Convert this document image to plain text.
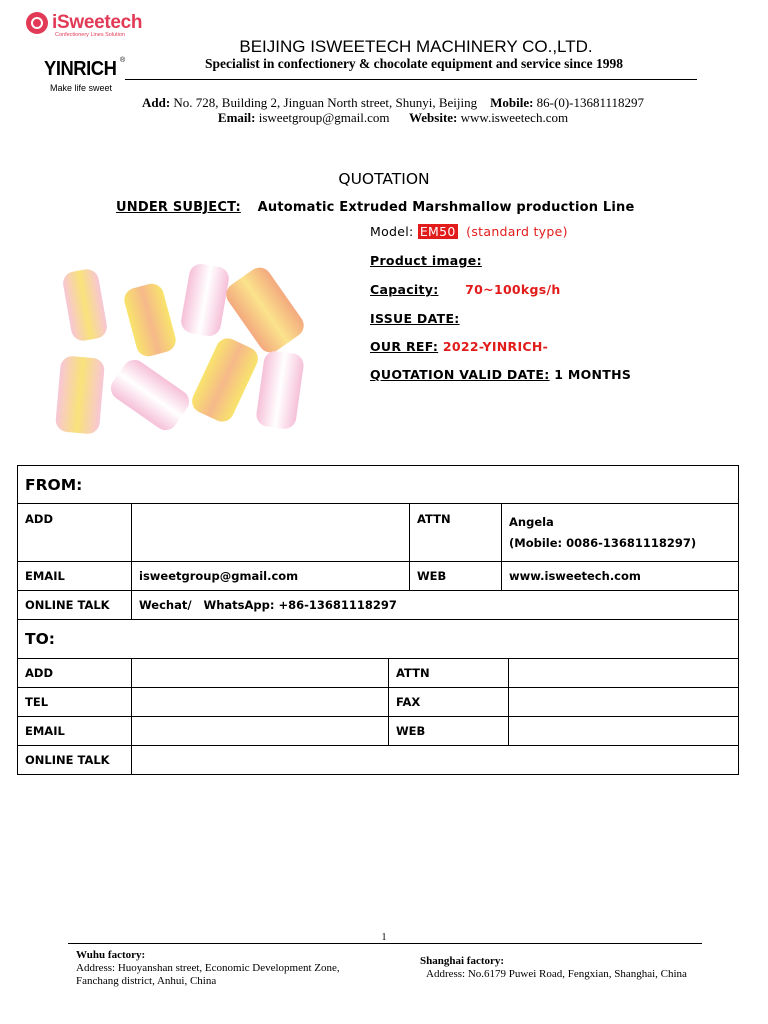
iSweetech
Confectionery Lines Solution
YINRICH ®
Make life sweet
BEIJING ISWEETECH MACHINERY CO.,LTD.
Specialist in confectionery & chocolate equipment and service since 1998
Add: No. 728, Building 2, Jinguan North street, Shunyi, Beijing Mobile: 86-(0)-13681118297
Email: isweetgroup@gmail.com Website: www.isweetech.com
QUOTATION
UNDER SUBJECT: Automatic Extruded Marshmallow production Line
Model: EM50 (standard type)
Product image:
Capacity: 70~100kgs/h
ISSUE DATE:
OUR REF: 2022-YINRICH-
QUOTATION VALID DATE: 1 MONTHS
FROM:			
ADD		ATTN	Angela
(Mobile: 0086-13681118297)

EMAIL	isweetgroup@gmail.com	WEB	www.isweetech.com
ONLINE TALK	Wechat/   WhatsApp: +86-13681118297		
TO:			
ADD		ATTN	
TEL		FAX	
EMAIL		WEB	
ONLINE TALK			
1
Wuhu factory:
Address: Huoyanshan street, Economic Development Zone,
Fanchang district, Anhui, China
Shanghai factory:
Address: No.6179 Puwei Road, Fengxian, Shanghai, China
